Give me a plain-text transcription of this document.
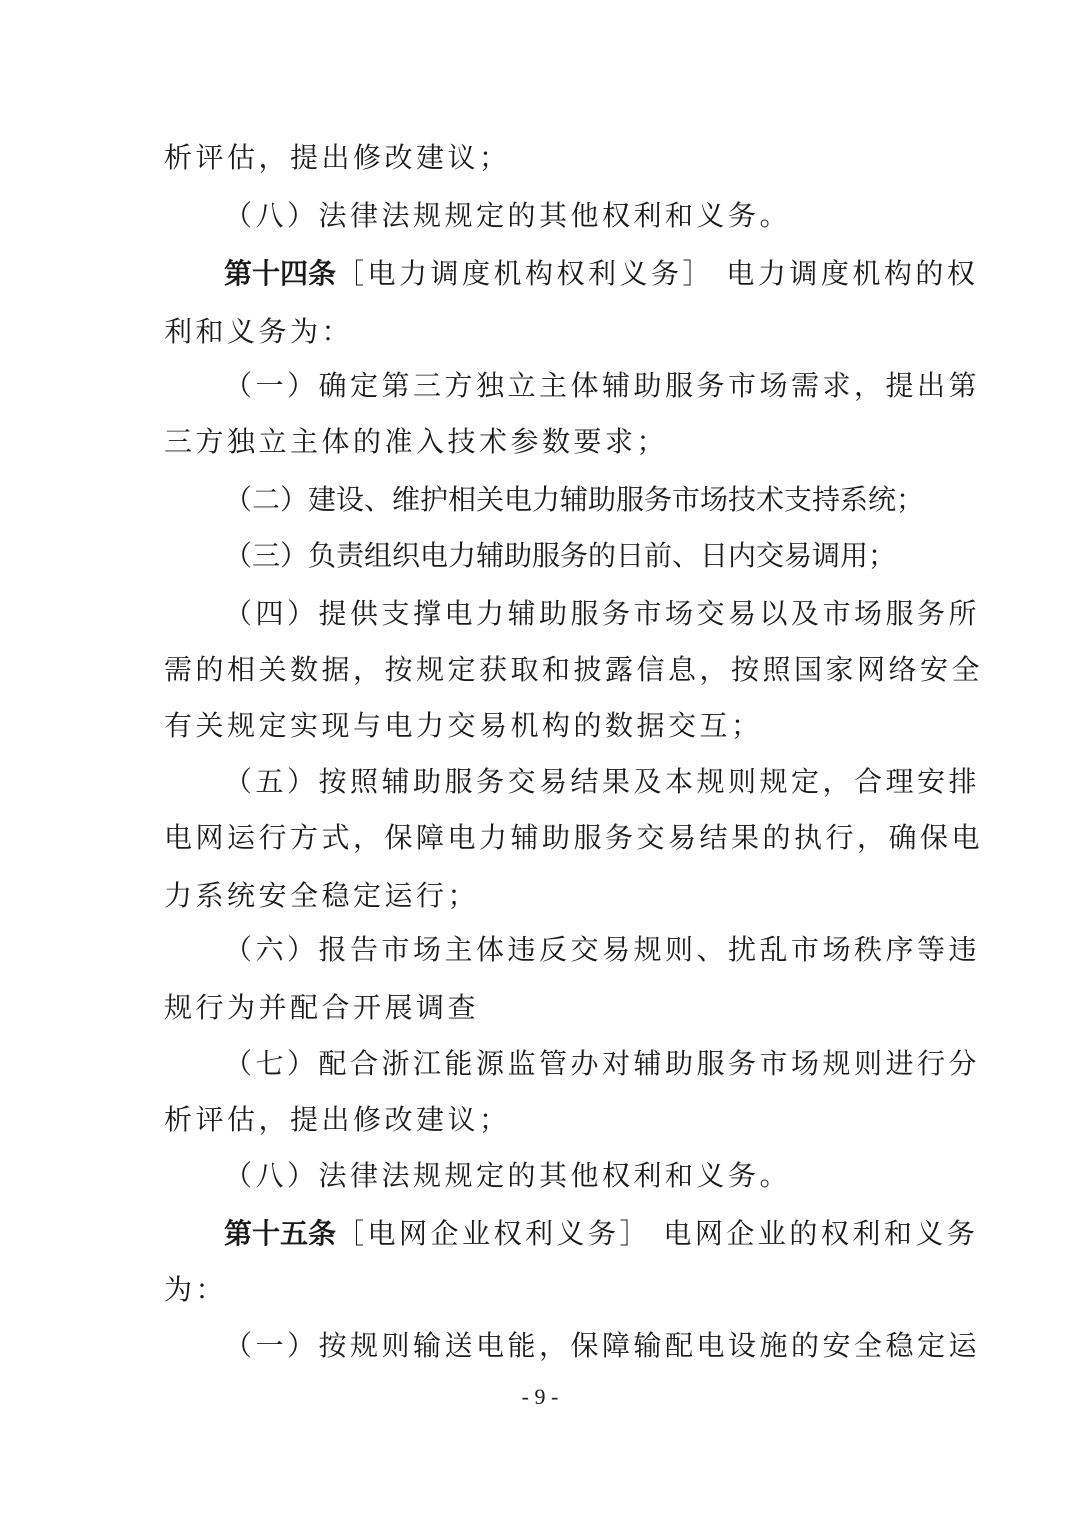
析评估，提出修改建议；
（八）法律法规规定的其他权利和义务。
第十四条［电力调度机构权利义务］ 电力调度机构的权
利和义务为：
（一）确定第三方独立主体辅助服务市场需求，提出第
三方独立主体的准入技术参数要求；
（二）建设、维护相关电力辅助服务市场技术支持系统；
（三）负责组织电力辅助服务的日前、日内交易调用；
（四）提供支撑电力辅助服务市场交易以及市场服务所
需的相关数据，按规定获取和披露信息，按照国家网络安全
有关规定实现与电力交易机构的数据交互；
（五）按照辅助服务交易结果及本规则规定，合理安排
电网运行方式，保障电力辅助服务交易结果的执行，确保电
力系统安全稳定运行；
（六）报告市场主体违反交易规则、扰乱市场秩序等违
规行为并配合开展调查
（七）配合浙江能源监管办对辅助服务市场规则进行分
析评估，提出修改建议；
（八）法律法规规定的其他权利和义务。
第十五条［电网企业权利义务］ 电网企业的权利和义务
为：
（一）按规则输送电能，保障输配电设施的安全稳定运
- 9 -
